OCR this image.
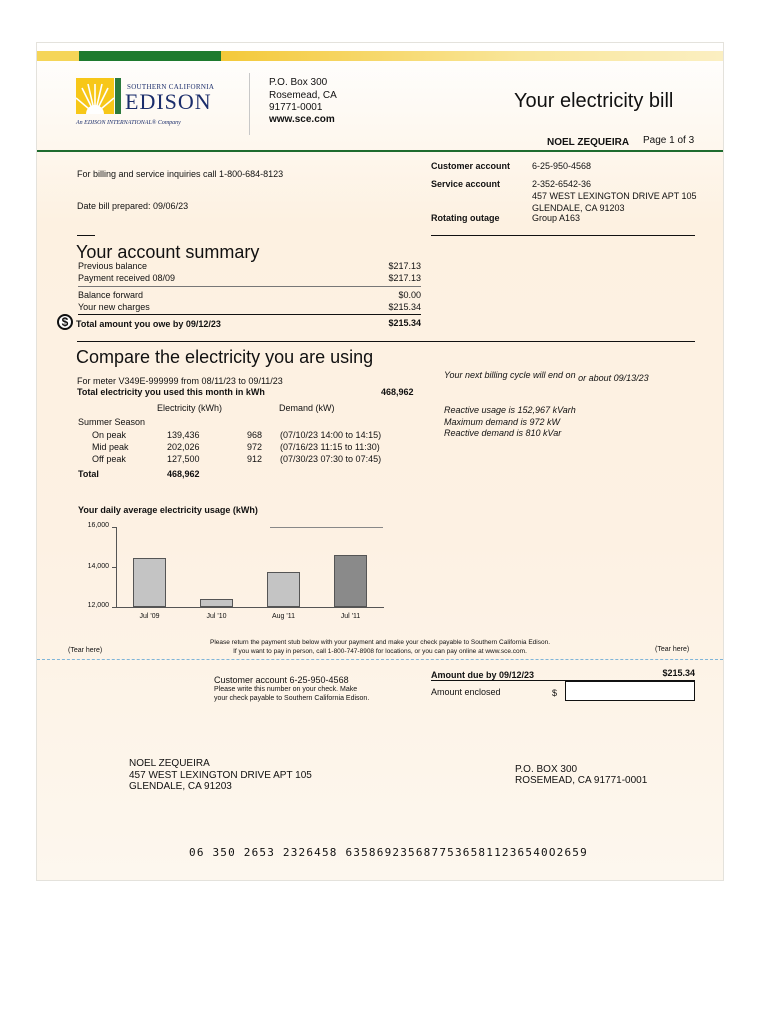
SOUTHERN CALIFORNIA
EDISON
An EDISON INTERNATIONAL® Company
P.O. Box 300
Rosemead, CA
91771-0001
www.sce.com
Your electricity bill
NOEL ZEQUEIRA Page 1 of 3
For billing and service inquiries call 1-800-684-8123
Date bill prepared: 09/06/23
Customer account 6-25-950-4568
Service account	2-352-6542-36
457 WEST LEXINGTON DRIVE APT 105
GLENDALE, CA 91203
Rotating outage	Group A163
Your account summary
Previous balance	$217.13
Payment received 08/09	$217.13
Balance forward	$0.00
Your new charges	$215.34
$ Total amount you owe by 09/12/23	$215.34
Compare the electricity you are using
For meter V349E-999999 from 08/11/23 to 09/11/23
Total electricity you used this month in kWh	468,962
Your next billing cycle will end on or about 09/13/23
Reactive usage is 152,967 kVarh
Maximum demand is 972 kW
Reactive demand is 810 kVar
Electricity (kWh)	Demand (kW)
Summer Season
On peak	139,436	968 (07/10/23 14:00 to 14:15)
Mid peak	202,026	972 (07/16/23 11:15 to 11:30)
Off peak	127,500	912 (07/30/23 07:30 to 07:45)
Total	468,962
Your daily average electricity usage (kWh)
16,000
14,000
12,000
Jul '09	Jul '10	Aug '11	Jul '11
Please return the payment stub below with your payment and make your check payable to Southern California Edison.
If you want to pay in person, call 1-800-747-8908 for locations, or you can pay online at www.sce.com.
(Tear here)	(Tear here)
Amount due by 09/12/23	$215.34
Amount enclosed	$
Customer account 6-25-950-4568
Please write this number on your check. Make
your check payable to Southern California Edison.
NOEL ZEQUEIRA
457 WEST LEXINGTON DRIVE APT 105
GLENDALE, CA 91203
P.O. BOX 300
ROSEMEAD, CA 91771-0001
06 350 2653 2326458 63586923568775365811236540O2659
